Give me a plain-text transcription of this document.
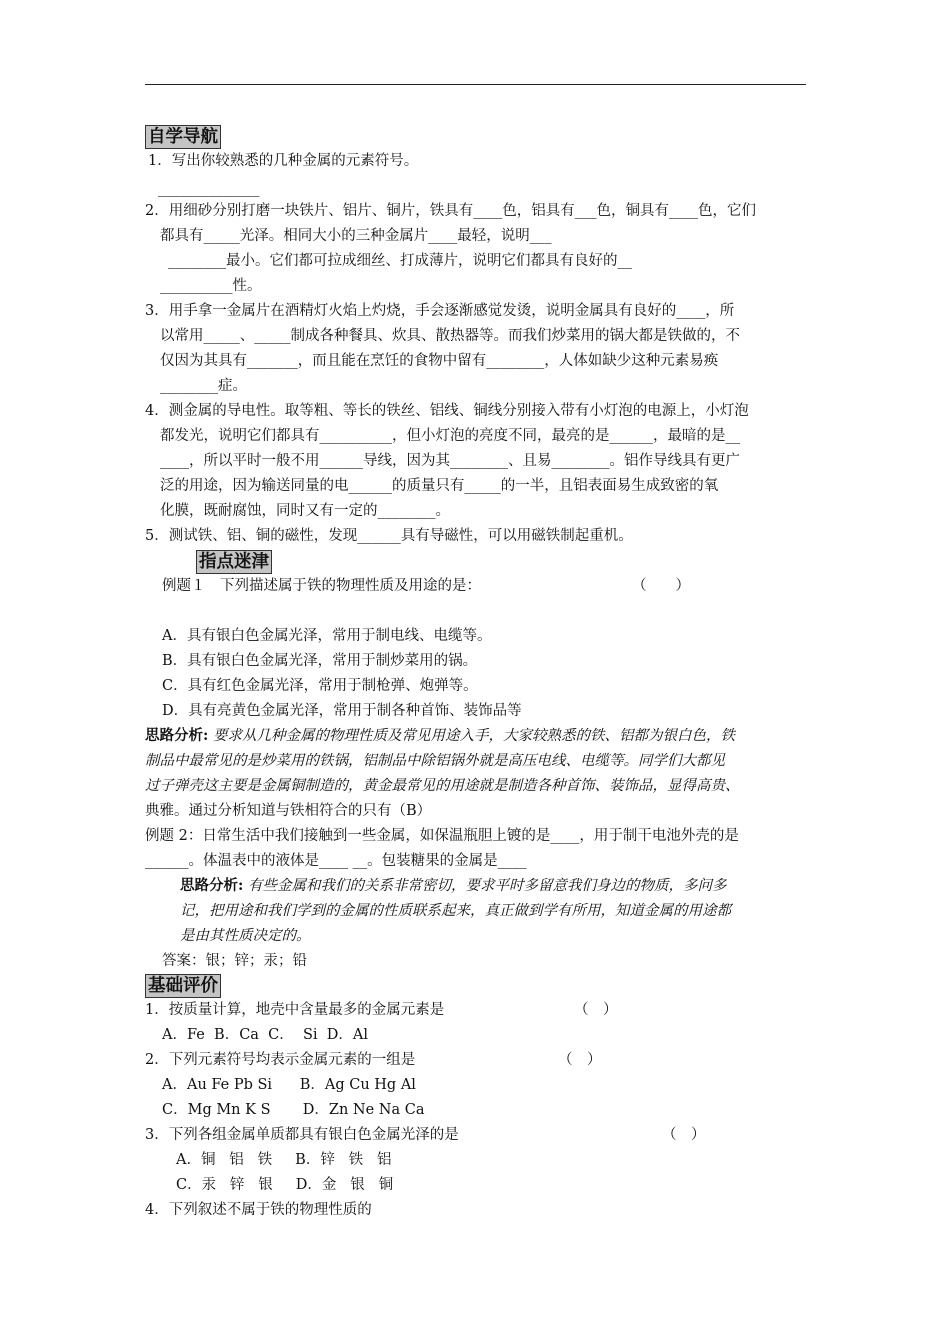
自学导航
1．写出你较熟悉的几种金属的元素符号。
______________
2．用细砂分别打磨一块铁片、铝片、铜片，铁具有____色，铝具有___色，铜具有____色，它们
都具有_____光泽。相同大小的三种金属片____最轻，说明___
________最小。它们都可拉成细丝、打成薄片，说明它们都具有良好的__
__________性。
3．用手拿一金属片在酒精灯火焰上灼烧，手会逐渐感觉发烫，说明金属具有良好的____，所
以常用_____、_____制成各种餐具、炊具、散热器等。而我们炒菜用的锅大都是铁做的，不
仅因为其具有_______，而且能在烹饪的食物中留有________，人体如缺少这种元素易痪
________症。
4．测金属的导电性。取等粗、等长的铁丝、铝线、铜线分别接入带有小灯泡的电源上，小灯泡
都发光，说明它们都具有__________，但小灯泡的亮度不同，最亮的是______，最暗的是__
____，所以平时一般不用______导线，因为其________、且易________。铝作导线具有更广
泛的用途，因为输送同量的电______的质量只有_____的一半，且铝表面易生成致密的氧
化膜，既耐腐蚀，同时又有一定的________。
5．测试铁、铝、铜的磁性，发现______具有导磁性，可以用磁铁制起重机。
指点迷津
例题１　下列描述属于铁的物理性质及用途的是：	（　　）
A．具有银白色金属光泽，常用于制电线、电缆等。
B．具有银白色金属光泽，常用于制炒菜用的锅。
C．具有红色金属光泽，常用于制枪弹、炮弹等。
D．具有亮黄色金属光泽，常用于制各种首饰、装饰品等
思路分析: 要求从几种金属的物理性质及常见用途入手，大家较熟悉的铁、铝都为银白色，铁
制品中最常见的是炒菜用的铁锅，铝制品中除铝锅外就是高压电线、电缆等。同学们大都见
过子弹壳这主要是金属铜制造的，黄金最常见的用途就是制造各种首饰、装饰品，显得高贵、
典雅。通过分析知道与铁相符合的只有（B）
例题 2：日常生活中我们接触到一些金属，如保温瓶胆上镀的是____，用于制干电池外壳的是
______。体温表中的液体是____ __。包装糖果的金属是____
思路分析: 有些金属和我们的关系非常密切，要求平时多留意我们身边的物质，多问多
记，把用途和我们学到的金属的性质联系起来，真正做到学有所用，知道金属的用途都
是由其性质决定的。
答案：银；锌；汞；铅
基础评价
1．按质量计算，地壳中含量最多的金属元素是	（　）
A．Fe  B．Ca  C．  Si  D．Al
2．下列元素符号均表示金属元素的一组是	（　）
A．Au Fe Pb Si      B．Ag Cu Hg Al
C．Mg Mn K S       D．Zn Ne Na Ca
3．下列各组金属单质都具有银白色金属光泽的是	（　）
A．铜   铝   铁     B．锌   铁   铝
C．汞   锌   银     D．金   银   铜
4．下列叙述不属于铁的物理性质的
